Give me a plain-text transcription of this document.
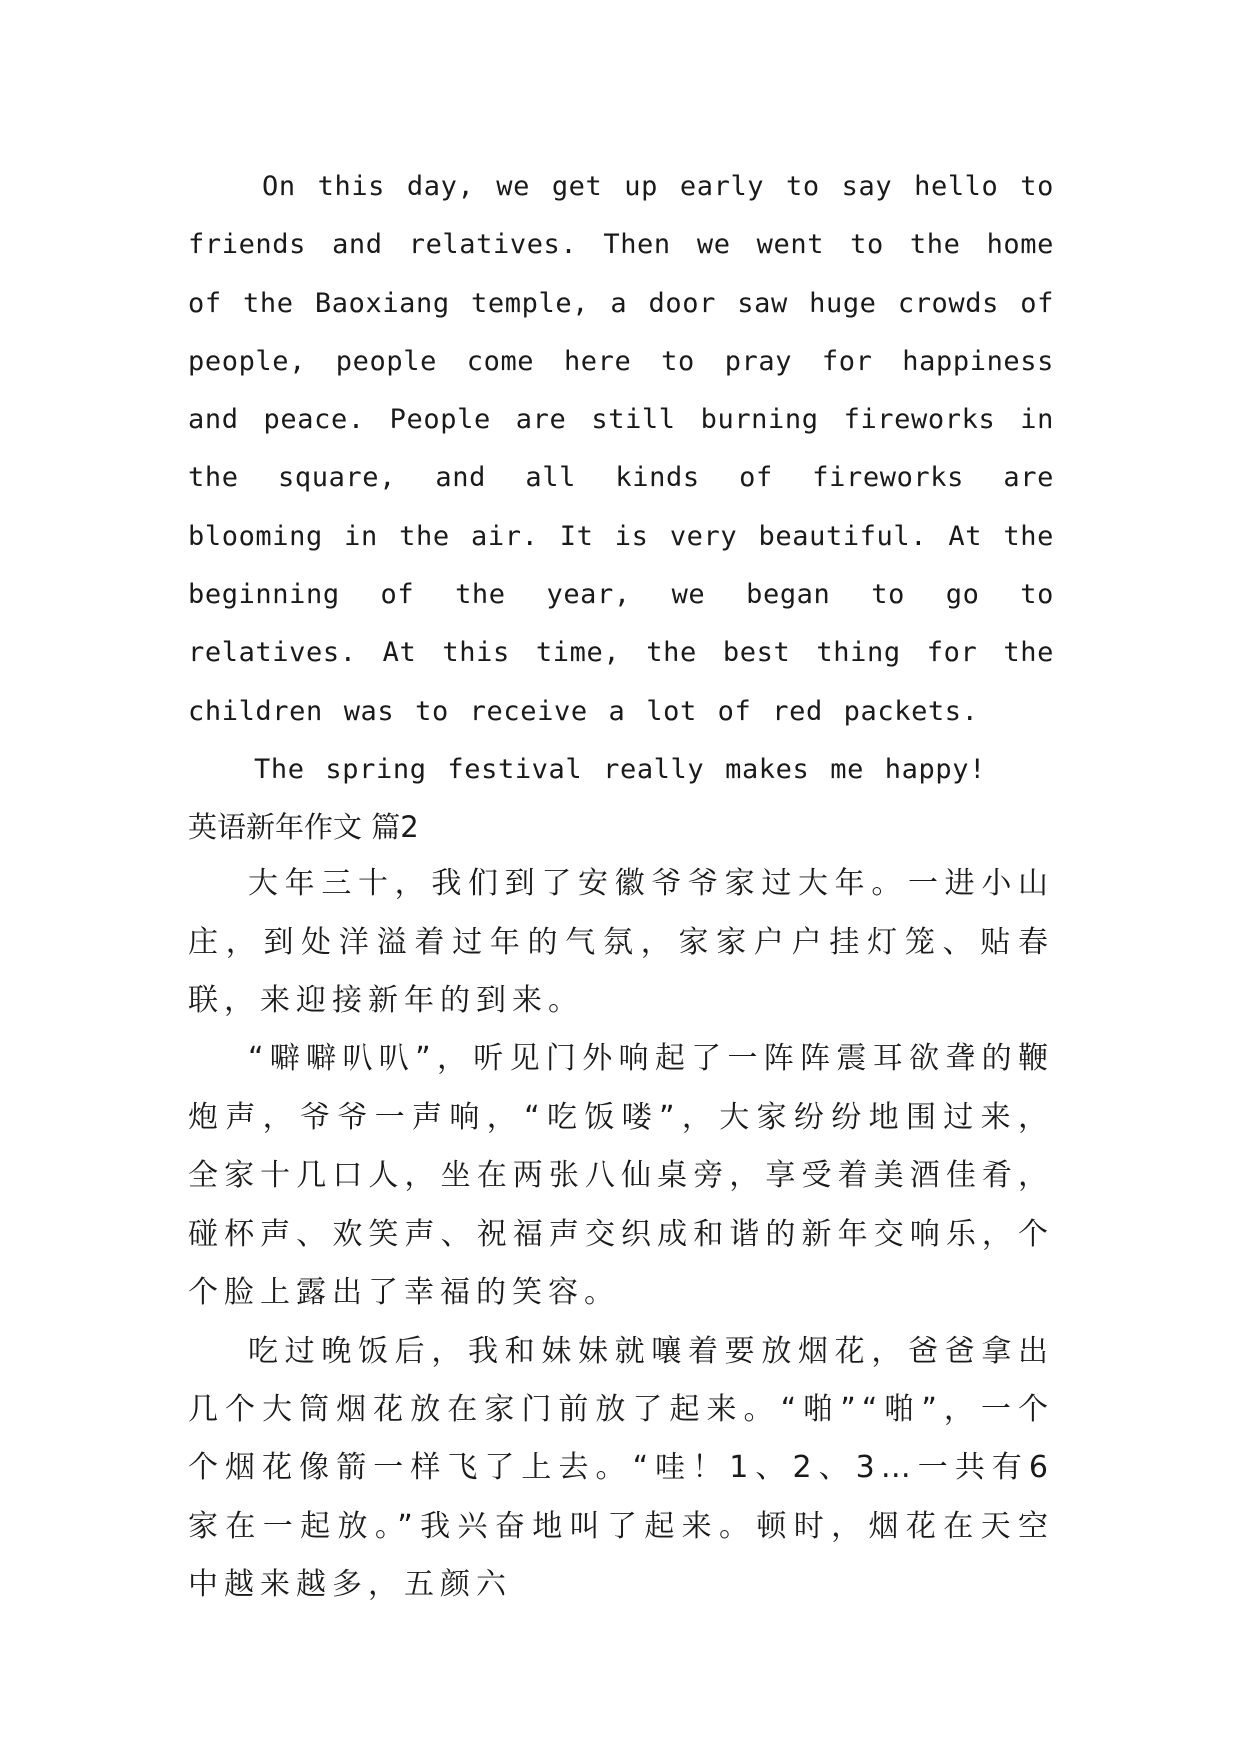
On this day, we get up early to say hello to friends and relatives. Then we went to the home of the Baoxiang temple, a door saw huge crowds of people, people come here to pray for happiness and peace. People are still burning fireworks in the square, and all kinds of fireworks are blooming in the air. It is very beautiful. At the beginning of the year, we began to go to relatives. At this time, the best thing for the children was to receive a lot of red packets.

The spring festival really makes me happy!

英语新年作文 篇2

大年三十，我们到了安徽爷爷家过大年。一进小山庄，到处洋溢着过年的气氛，家家户户挂灯笼、贴春联，来迎接新年的到来。

“噼噼叭叭”，听见门外响起了一阵阵震耳欲聋的鞭炮声，爷爷一声响，“吃饭喽”，大家纷纷地围过来，全家十几口人，坐在两张八仙桌旁，享受着美酒佳肴，碰杯声、欢笑声、祝福声交织成和谐的新年交响乐，个个脸上露出了幸福的笑容。

吃过晚饭后，我和妹妹就嚷着要放烟花，爸爸拿出几个大筒烟花放在家门前放了起来。“啪”“啪”，一个个烟花像箭一样飞了上去。“哇！1、2、3…一共有6家在一起放。”我兴奋地叫了起来。顿时，烟花在天空中越来越多，五颜六
